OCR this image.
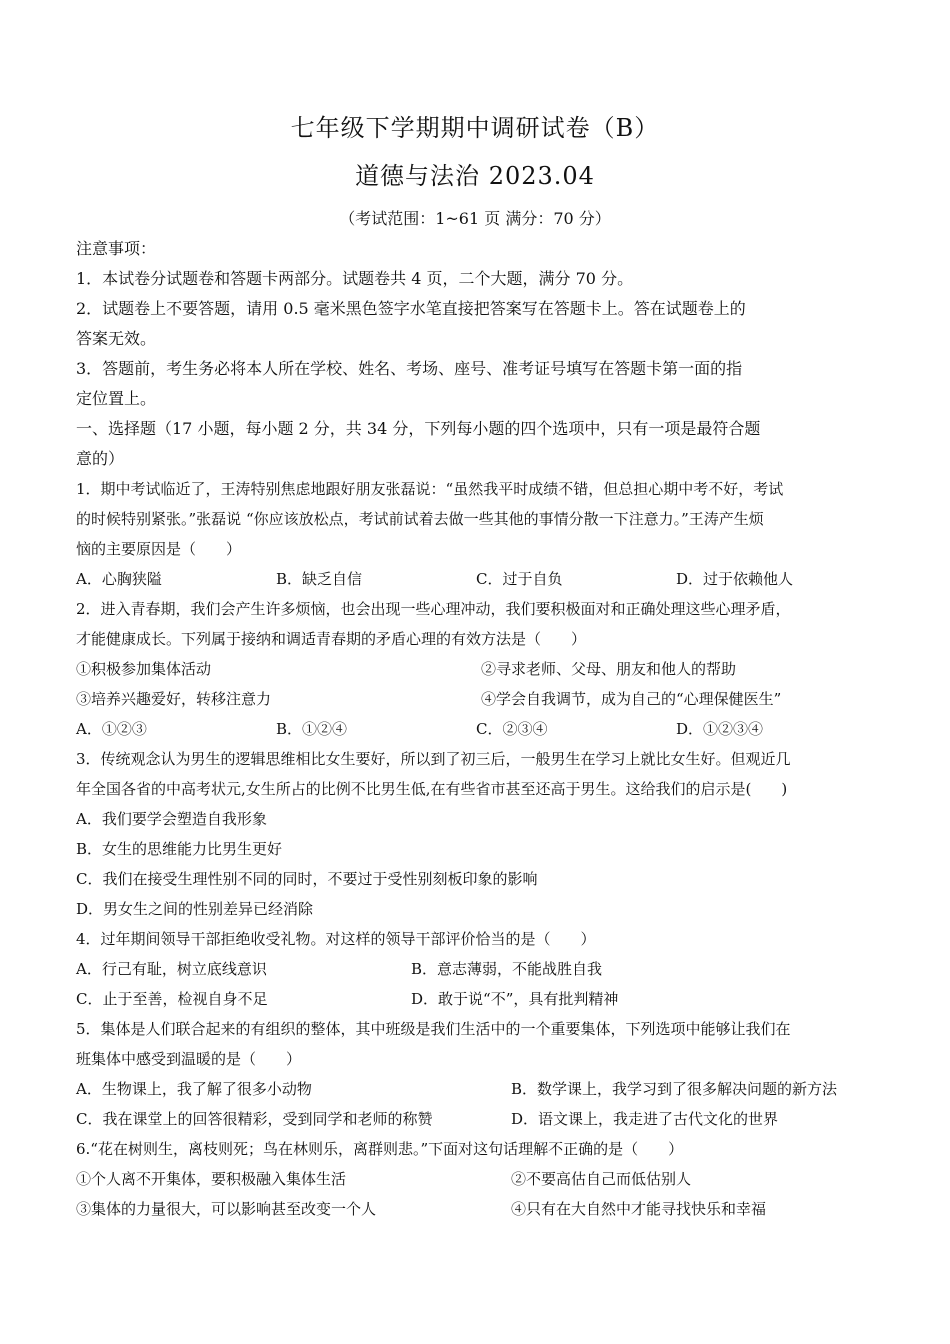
七年级下学期期中调研试卷（B）
道德与法治 2023.04
（考试范围：1~61 页 满分：70 分）
注意事项：
1．本试卷分试题卷和答题卡两部分。试题卷共 4 页，二个大题，满分 70 分。
2．试题卷上不要答题，请用 0.5 毫米黑色签字水笔直接把答案写在答题卡上。答在试题卷上的
答案无效。
3．答题前，考生务必将本人所在学校、姓名、考场、座号、准考证号填写在答题卡第一面的指
定位置上。
一、选择题（17 小题，每小题 2 分，共 34 分，下列每小题的四个选项中，只有一项是最符合题
意的）
1．期中考试临近了，王涛特别焦虑地跟好朋友张磊说：“虽然我平时成绩不错，但总担心期中考不好，考试
的时候特别紧张。”张磊说 “你应该放松点，考试前试着去做一些其他的事情分散一下注意力。”王涛产生烦
恼的主要原因是（　　）
A．心胸狭隘	B．缺乏自信	C．过于自负	D．过于依赖他人
2．进入青春期，我们会产生许多烦恼，也会出现一些心理冲动，我们要积极面对和正确处理这些心理矛盾，
才能健康成长。下列属于接纳和调适青春期的矛盾心理的有效方法是（　　）
①积极参加集体活动	②寻求老师、父母、朋友和他人的帮助
③培养兴趣爱好，转移注意力	④学会自我调节，成为自己的“心理保健医生”
A．①②③	B．①②④	C．②③④	D．①②③④
3．传统观念认为男生的逻辑思维相比女生要好，所以到了初三后，一般男生在学习上就比女生好。但观近几
年全国各省的中高考状元,女生所占的比例不比男生低,在有些省市甚至还高于男生。这给我们的启示是(　　)
A．我们要学会塑造自我形象
B．女生的思维能力比男生更好
C．我们在接受生理性别不同的同时，不要过于受性别刻板印象的影响
D．男女生之间的性别差异已经消除
4．过年期间领导干部拒绝收受礼物。对这样的领导干部评价恰当的是（　　）
A．行己有耻，树立底线意识	B．意志薄弱，不能战胜自我
C．止于至善，检视自身不足	D．敢于说“不”，具有批判精神
5．集体是人们联合起来的有组织的整体，其中班级是我们生活中的一个重要集体，下列选项中能够让我们在
班集体中感受到温暖的是（　　）
A．生物课上，我了解了很多小动物	B．数学课上，我学习到了很多解决问题的新方法
C．我在课堂上的回答很精彩，受到同学和老师的称赞	D．语文课上，我走进了古代文化的世界
6.“花在树则生，离枝则死；鸟在林则乐，离群则悲。”下面对这句话理解不正确的是（　　）
①个人离不开集体，要积极融入集体生活	②不要高估自己而低估别人
③集体的力量很大，可以影响甚至改变一个人	④只有在大自然中才能寻找快乐和幸福
